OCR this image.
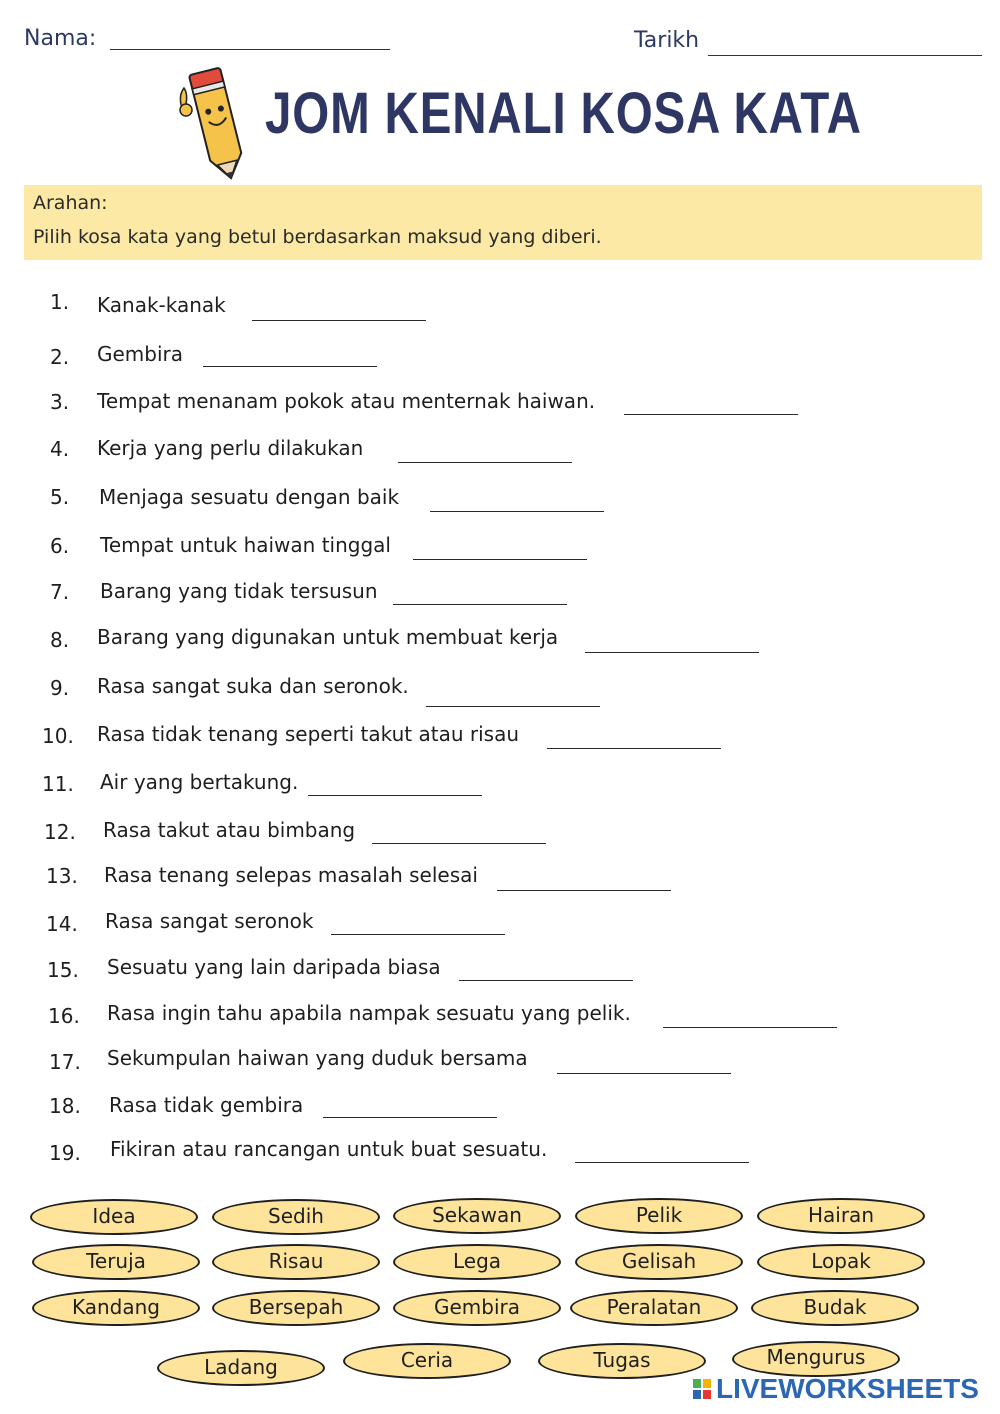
Nama:	Tarikh
JOM KENALI KOSA KATA
Arahan:
Pilih kosa kata yang betul berdasarkan maksud yang diberi.
1. Kanak-kanak
2. Gembira
3. Tempat menanam pokok atau menternak haiwan.
4. Kerja yang perlu dilakukan
5. Menjaga sesuatu dengan baik
6. Tempat untuk haiwan tinggal
7. Barang yang tidak tersusun
8. Barang yang digunakan untuk membuat kerja
9. Rasa sangat suka dan seronok.
10. Rasa tidak tenang seperti takut atau risau
11. Air yang bertakung.
12. Rasa takut atau bimbang
13. Rasa tenang selepas masalah selesai
14. Rasa sangat seronok
15. Sesuatu yang lain daripada biasa
16. Rasa ingin tahu apabila nampak sesuatu yang pelik.
17. Sekumpulan haiwan yang duduk bersama
18. Rasa tidak gembira
19. Fikiran atau rancangan untuk buat sesuatu.
Idea	Sedih	Sekawan	Pelik	Hairan
Teruja	Risau	Lega	Gelisah	Lopak
Kandang	Bersepah	Gembira	Peralatan	Budak
Ladang	Ceria	Tugas	Mengurus
LIVEWORKSHEETS
